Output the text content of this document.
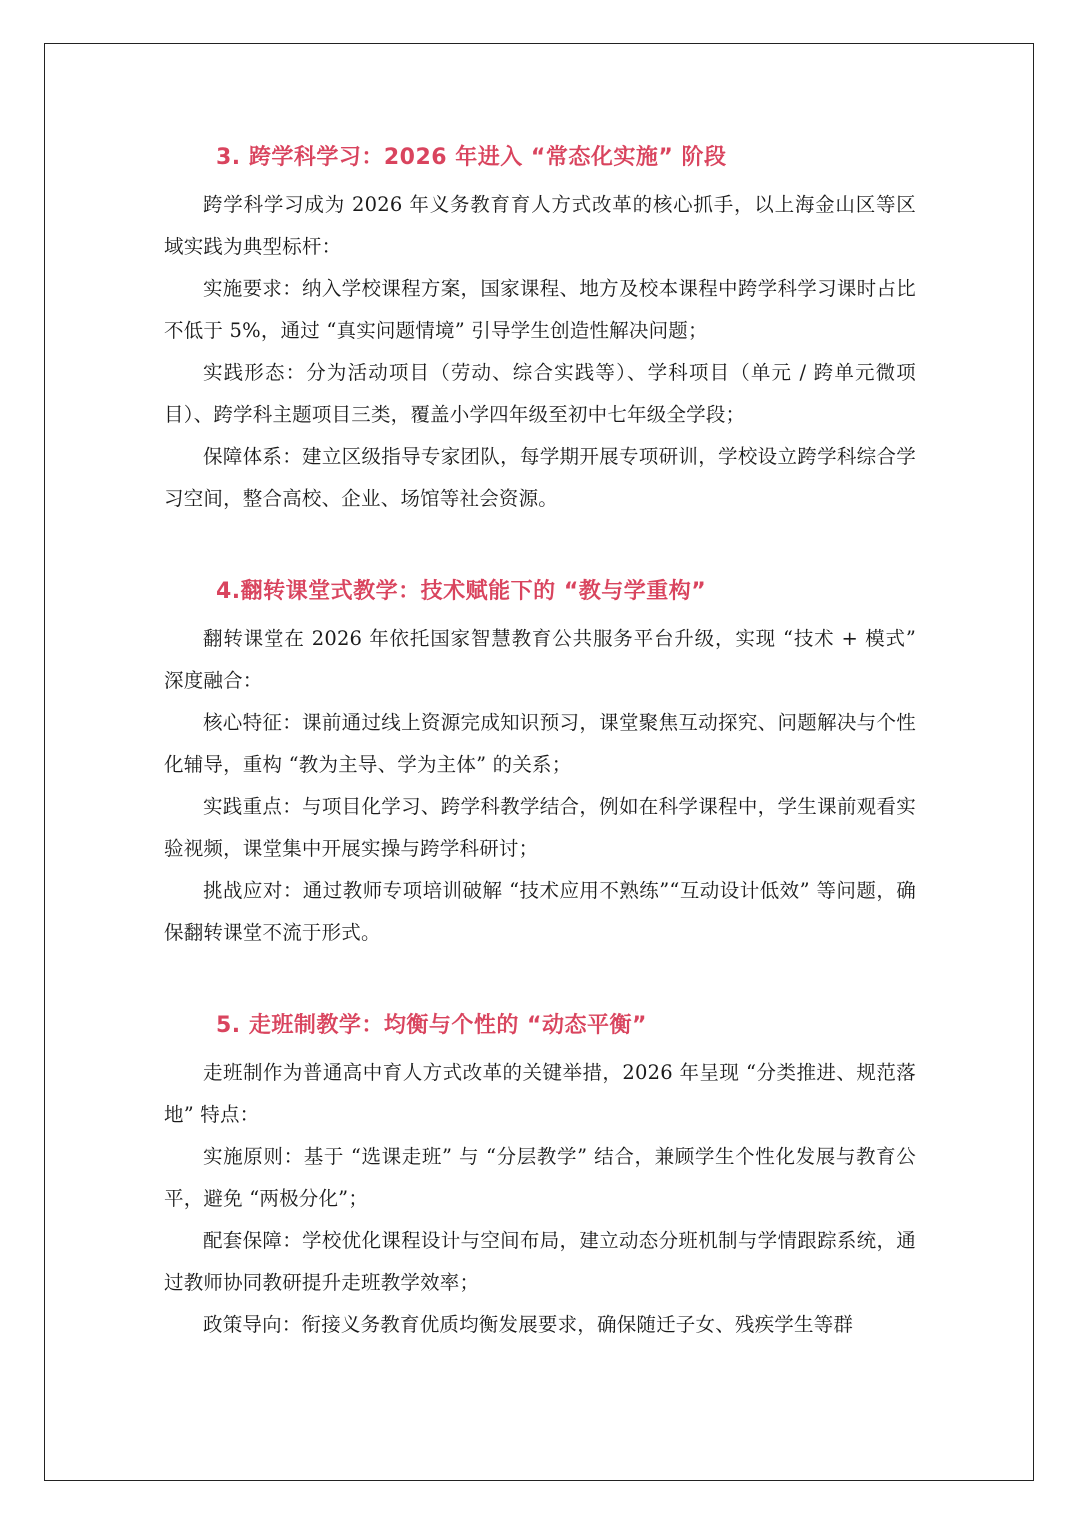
3. 跨学科学习：2026 年进入 “常态化实施” 阶段

跨学科学习成为 2026 年义务教育育人方式改革的核心抓手，以上海金山区等区域实践为典型标杆：

实施要求：纳入学校课程方案，国家课程、地方及校本课程中跨学科学习课时占比不低于 5%，通过 “真实问题情境” 引导学生创造性解决问题；

实践形态：分为活动项目（劳动、综合实践等）、学科项目（单元 / 跨单元微项目）、跨学科主题项目三类，覆盖小学四年级至初中七年级全学段；

保障体系：建立区级指导专家团队，每学期开展专项研训，学校设立跨学科综合学习空间，整合高校、企业、场馆等社会资源。

4.翻转课堂式教学：技术赋能下的 “教与学重构”

翻转课堂在 2026 年依托国家智慧教育公共服务平台升级，实现 “技术 + 模式” 深度融合：

核心特征：课前通过线上资源完成知识预习，课堂聚焦互动探究、问题解决与个性化辅导，重构 “教为主导、学为主体” 的关系；

实践重点：与项目化学习、跨学科教学结合，例如在科学课程中，学生课前观看实验视频，课堂集中开展实操与跨学科研讨；

挑战应对：通过教师专项培训破解 “技术应用不熟练”“互动设计低效” 等问题，确保翻转课堂不流于形式。

5. 走班制教学：均衡与个性的 “动态平衡”

走班制作为普通高中育人方式改革的关键举措，2026 年呈现 “分类推进、规范落地” 特点：

实施原则：基于 “选课走班” 与 “分层教学” 结合，兼顾学生个性化发展与教育公平，避免 “两极分化”；

配套保障：学校优化课程设计与空间布局，建立动态分班机制与学情跟踪系统，通过教师协同教研提升走班教学效率；

政策导向：衔接义务教育优质均衡发展要求，确保随迁子女、残疾学生等群
